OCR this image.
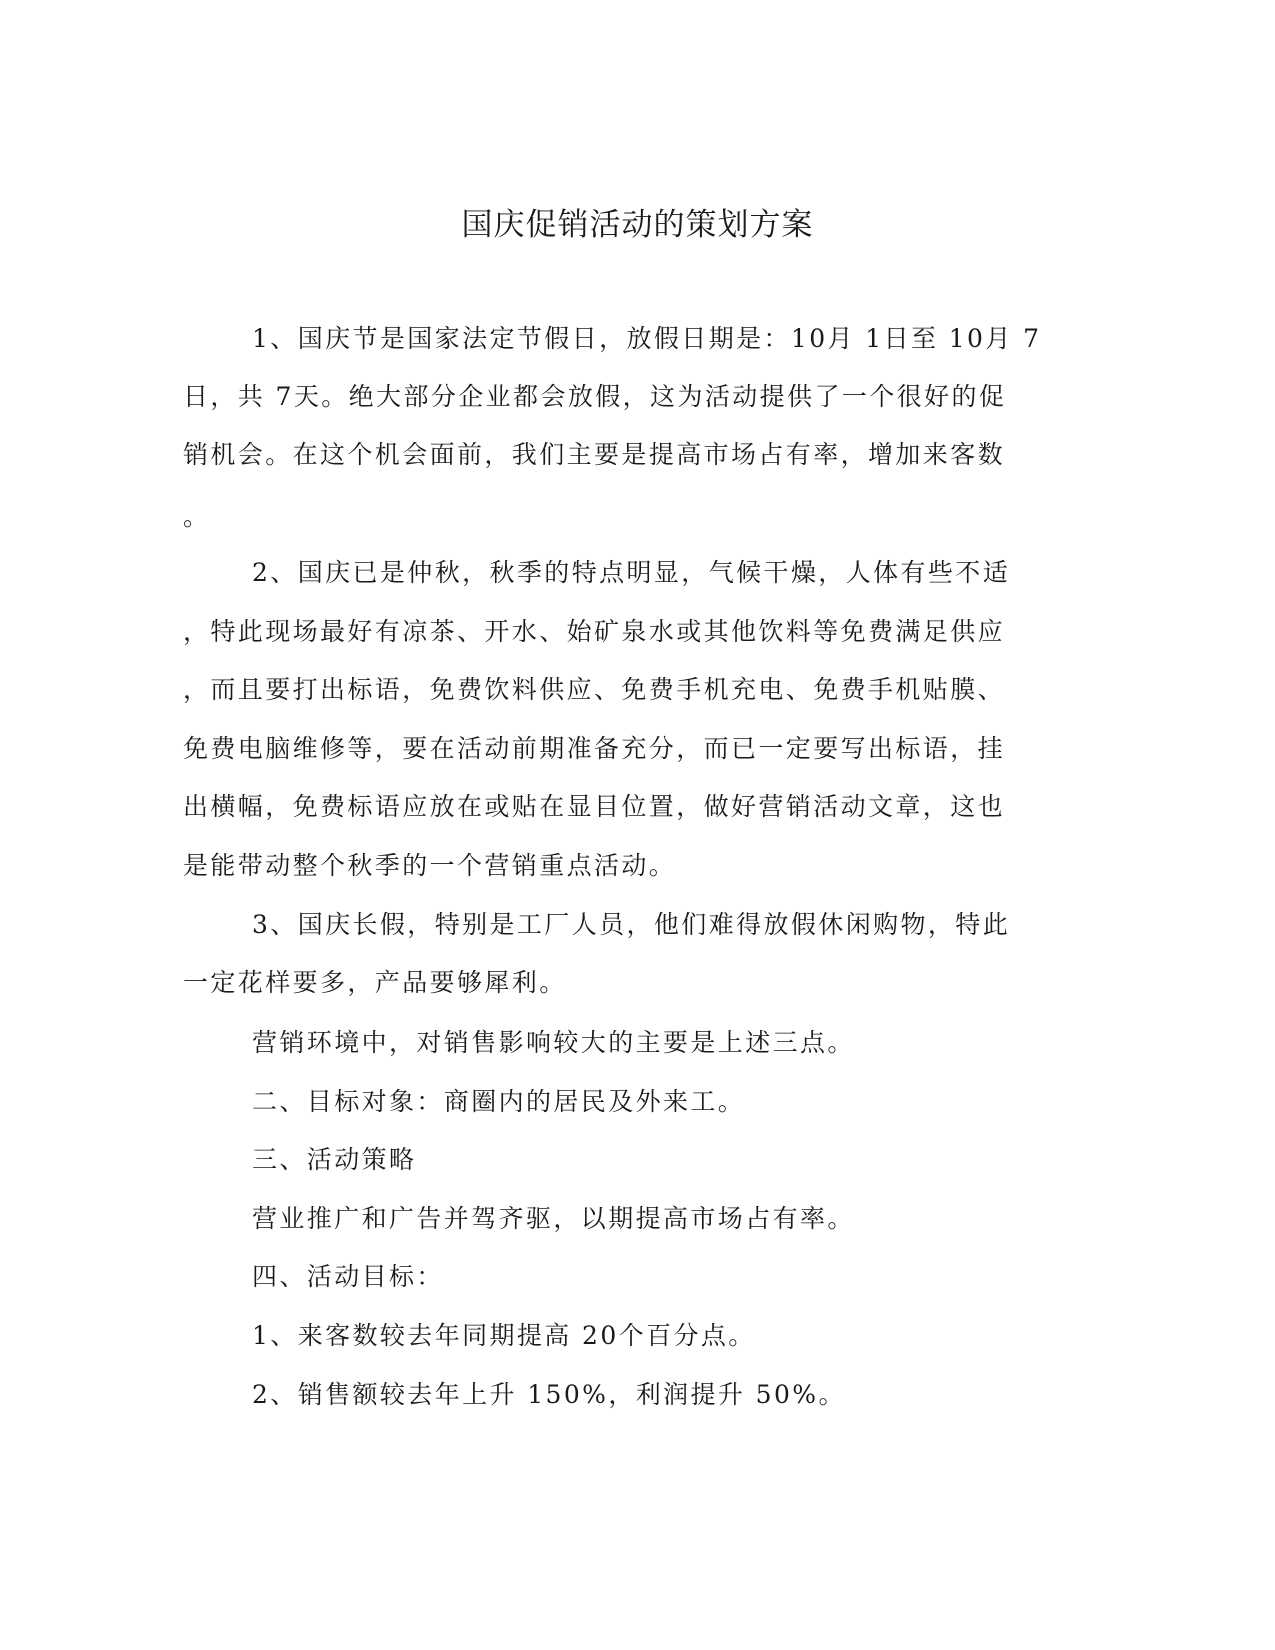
国庆促销活动的策划方案
1、国庆节是国家法定节假日，放假日期是：10月 1日至 10月 7
日，共 7天。绝大部分企业都会放假，这为活动提供了一个很好的促
销机会。在这个机会面前，我们主要是提高市场占有率，增加来客数
。
2、国庆已是仲秋，秋季的特点明显，气候干燥，人体有些不适
，特此现场最好有凉茶、开水、始矿泉水或其他饮料等免费满足供应
，而且要打出标语，免费饮料供应、免费手机充电、免费手机贴膜、
免费电脑维修等，要在活动前期准备充分，而已一定要写出标语，挂
出横幅，免费标语应放在或贴在显目位置，做好营销活动文章，这也
是能带动整个秋季的一个营销重点活动。
3、国庆长假，特别是工厂人员，他们难得放假休闲购物，特此
一定花样要多，产品要够犀利。
营销环境中，对销售影响较大的主要是上述三点。
二、目标对象：商圈内的居民及外来工。
三、活动策略
营业推广和广告并驾齐驱，以期提高市场占有率。
四、活动目标：
1、来客数较去年同期提高 20个百分点。
2、销售额较去年上升 150%，利润提升 50%。
